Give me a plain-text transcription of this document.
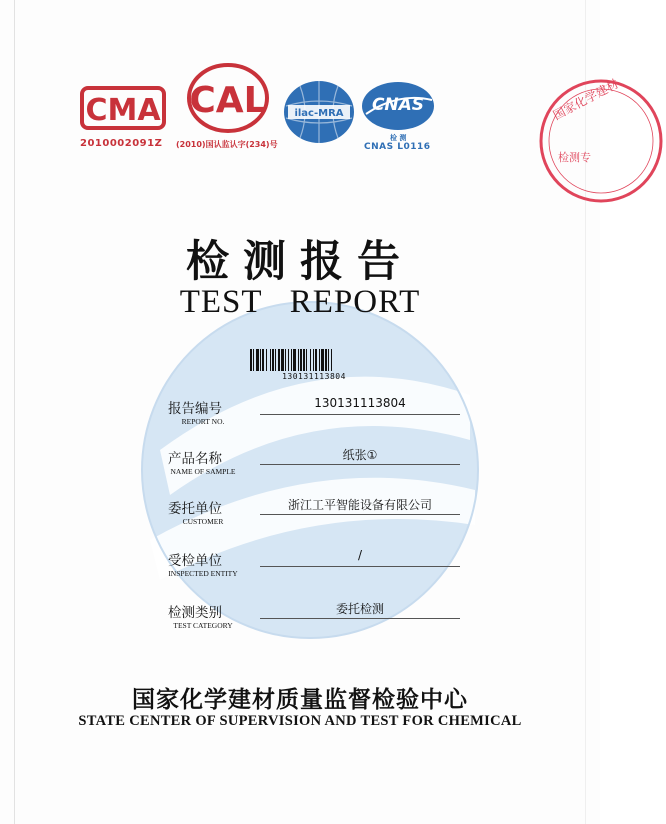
CMA
2010002091Z
CAL
(2010)国认监认字(234)号
ilac-MRA CNAS
检 测
CNAS L0116
国家化学建材
检测专
检测报告
TEST   REPORT
130131113804
报告编号
REPORT NO.
130131113804
产品名称
NAME OF SAMPLE
纸张①
委托单位
CUSTOMER
浙江工平智能设备有限公司
受检单位
INSPECTED ENTITY
/
检测类别
TEST CATEGORY
委托检测
国家化学建材质量监督检验中心
STATE CENTER OF SUPERVISION AND TEST FOR CHEMICAL
